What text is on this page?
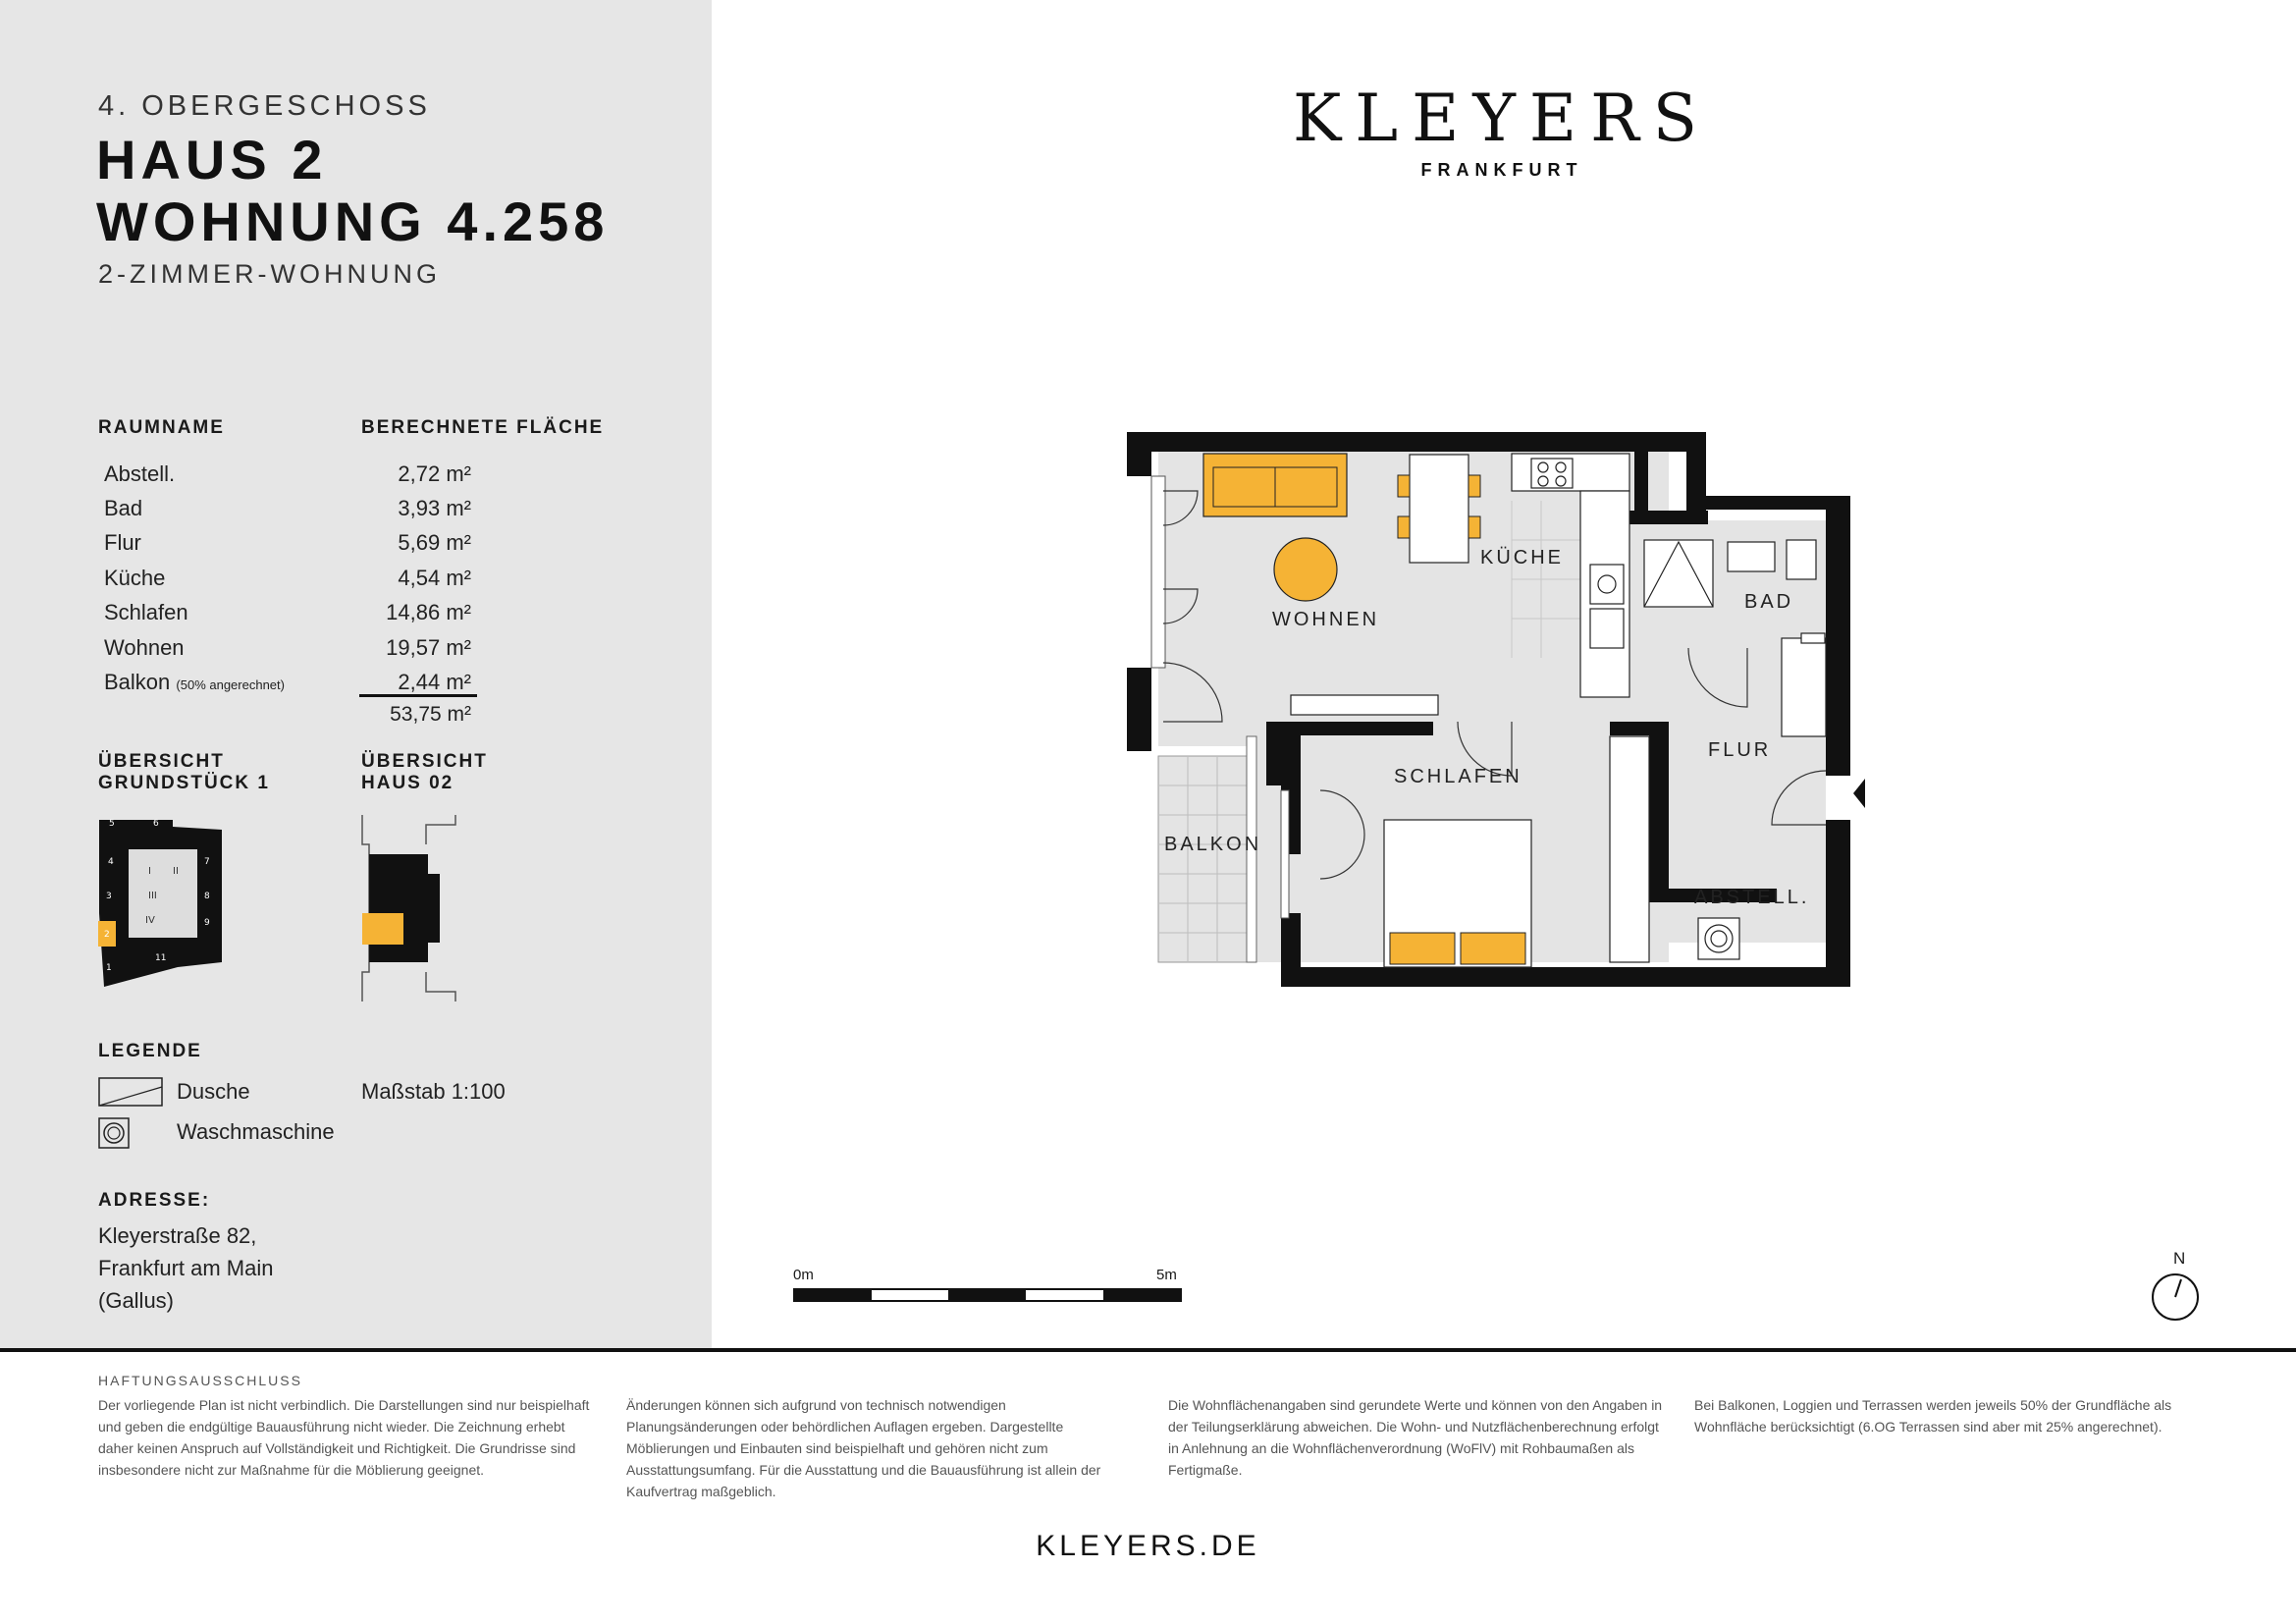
4. OBERGESCHOSS
HAUS 2
WOHNUNG 4.258
2-ZIMMER-WOHNUNG
RAUMNAME	BERECHNETE FLÄCHE
Abstell.	2,72 m²
Bad	3,93 m²
Flur	5,69 m²
Küche	4,54 m²
Schlafen	14,86 m²
Wohnen	19,57 m²
Balkon (50% angerechnet)	2,44 m²
53,75 m²
ÜBERSICHT
GRUNDSTÜCK 1
ÜBERSICHT
HAUS 02
5	6
4	7
3	8
2
9
1
11
I II
III
IV
LEGENDE
Dusche
Waschmaschine
Maßstab 1:100
ADRESSE:
Kleyerstraße 82,
Frankfurt am Main
(Gallus)
KLEYERS
FRANKFURT
WOHNEN
KÜCHE
BAD
FLUR
SCHLAFEN
BALKON
ABSTELL.
0m	5m
N
HAFTUNGSAUSSCHLUSS
Der vorliegende Plan ist nicht verbindlich. Die Darstellungen sind nur beispielhaft und geben die endgültige Bauausführung nicht wieder. Die Zeichnung erhebt daher keinen Anspruch auf Vollständigkeit und Richtigkeit. Die Grundrisse sind insbesondere nicht zur Maßnahme für die Möblierung geeignet.
Änderungen können sich aufgrund von technisch notwendigen Planungsänderungen oder behördlichen Auflagen ergeben. Dargestellte Möblierungen und Einbauten sind beispielhaft und gehören nicht zum Ausstattungsumfang. Für die Ausstattung und die Bauausführung ist allein der Kaufvertrag maßgeblich.
Die Wohnflächenangaben sind gerundete Werte und können von den Angaben in der Teilungserklärung abweichen. Die Wohn- und Nutzflächenberechnung erfolgt in Anlehnung an die Wohnflächenverordnung (WoFlV) mit Rohbaumaßen als Fertigmaße.
Bei Balkonen, Loggien und Terrassen werden jeweils 50% der Grundfläche als Wohnfläche berücksichtigt (6.OG Terrassen sind aber mit 25% angerechnet).
KLEYERS.DE
